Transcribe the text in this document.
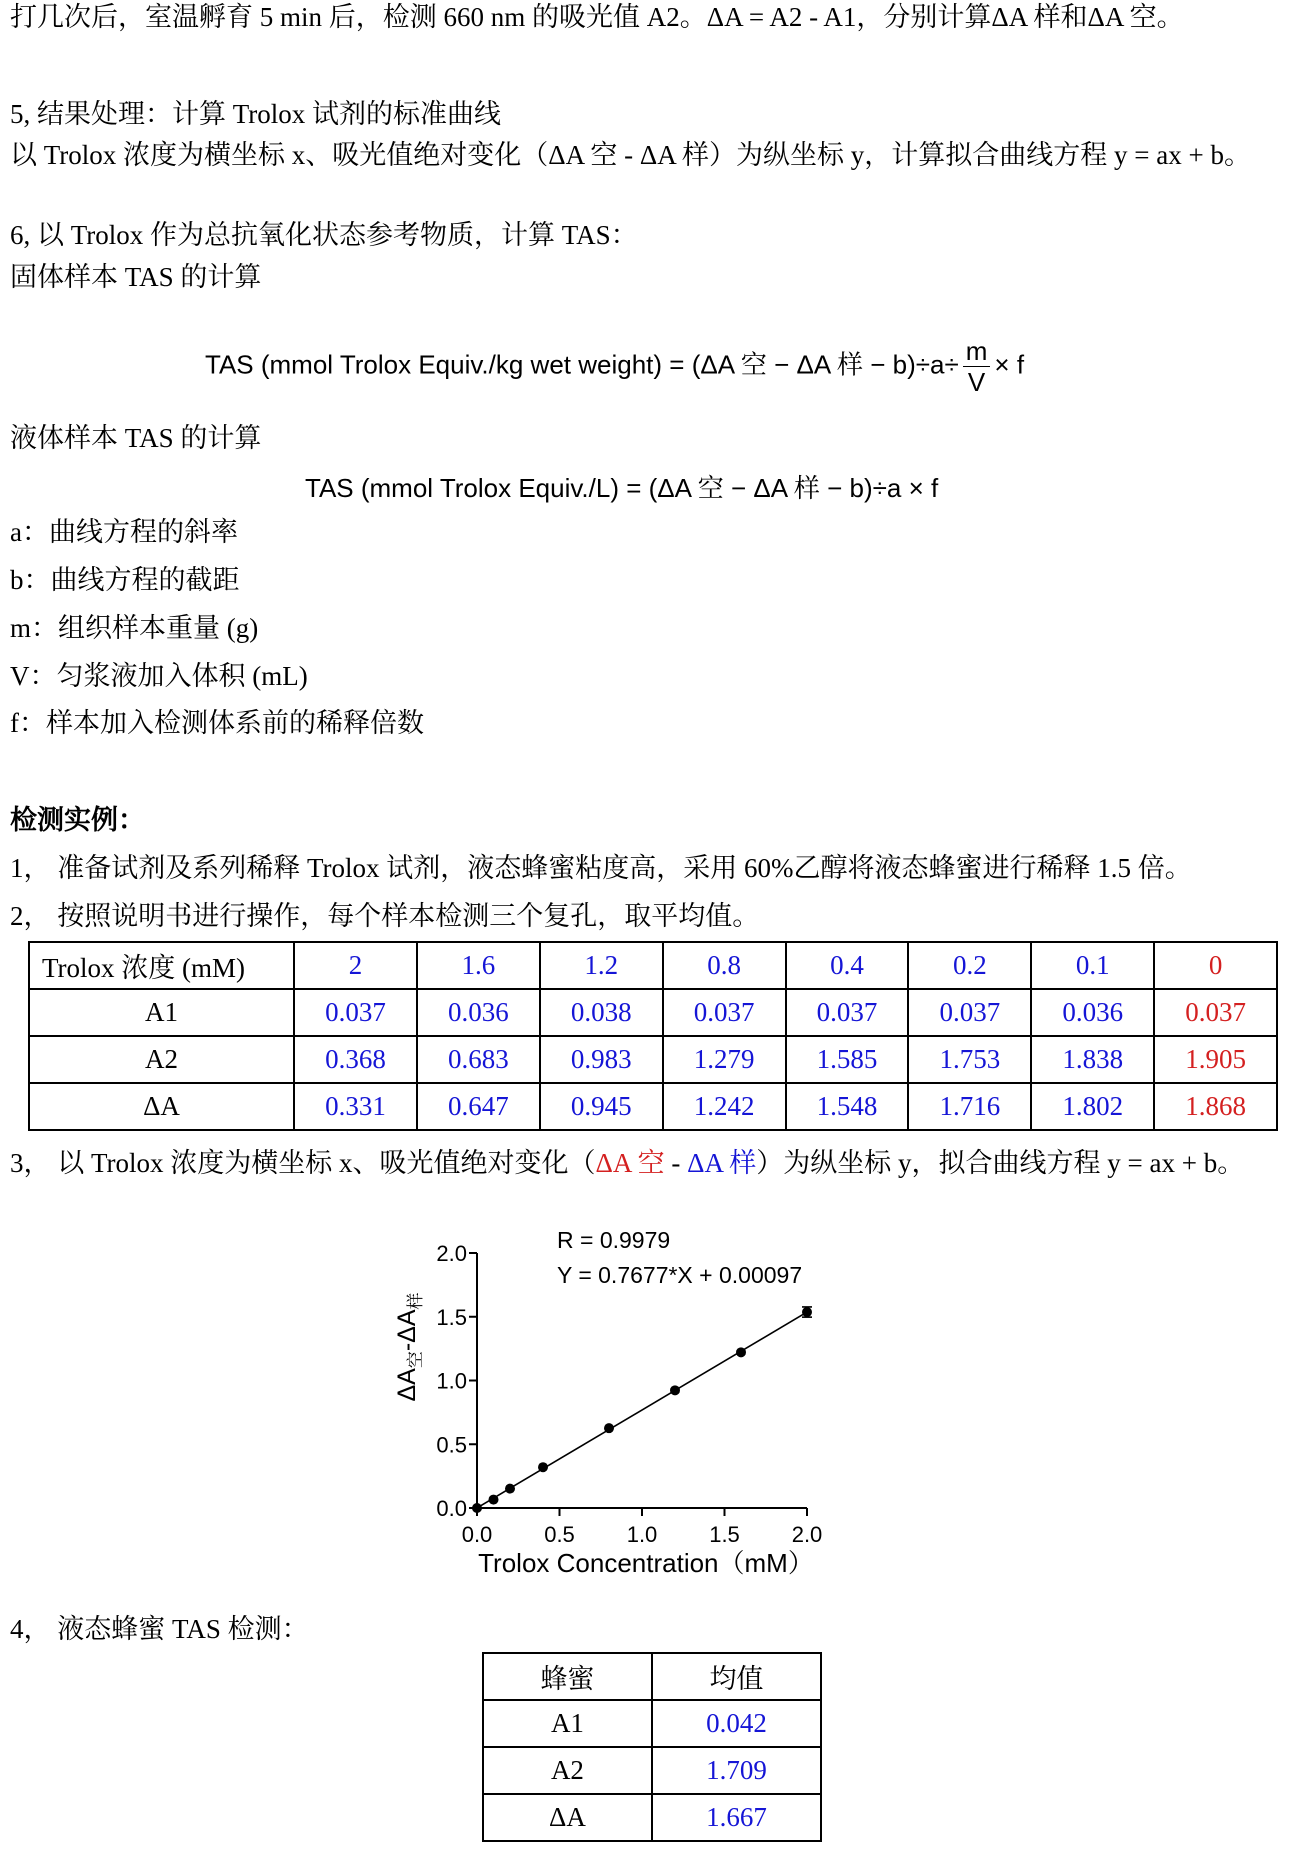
打几次后，室温孵育 5 min 后，检测 660 nm 的吸光值 A2。ΔA = A2 - A1，分别计算ΔA 样和ΔA 空。
5, 结果处理：计算 Trolox 试剂的标准曲线
以 Trolox 浓度为横坐标 x、吸光值绝对变化（ΔA 空 - ΔA 样）为纵坐标 y，计算拟合曲线方程 y = ax + b。
6, 以 Trolox 作为总抗氧化状态参考物质，计算 TAS：
固体样本 TAS 的计算
TAS (mmol Trolox Equiv./kg wet weight) = (ΔA 空 − ΔA 样 − $b)\div a\div \frac{m}{V} \times f$
液体样本 TAS 的计算
TAS (mmol Trolox Equiv./L) = (ΔA 空 − ΔA 样 − b)÷a × f
a：曲线方程的斜率
b：曲线方程的截距
m：组织样本重量 (g)
V：匀浆液加入体积 (mL)
f：样本加入检测体系前的稀释倍数
检测实例：
1， 准备试剂及系列稀释 Trolox 试剂，液态蜂蜜粘度高，采用 60%乙醇将液态蜂蜜进行稀释 1.5 倍。
2， 按照说明书进行操作，每个样本检测三个复孔，取平均值。
Trolox 浓度 (mM)	2	1.6	1.2	0.8	0.4	0.2	0.1	0
A1	0.037	0.036	0.038	0.037	0.037	0.037	0.036	0.037
A2	0.368	0.683	0.983	1.279	1.585	1.753	1.838	1.905
ΔA	0.331	0.647	0.945	1.242	1.548	1.716	1.802	1.868
3， 以 Trolox 浓度为横坐标 x、吸光值绝对变化（ΔA 空 - ΔA 样）为纵坐标 y，拟合曲线方程 y = ax + b。
$\Delta A_空-\Delta A_样$
R = 0.9979
Y = 0.7677*X + 0.00097
0.0
0.5
1.0
1.5
2.0
0.0 0.5 1.0 1.5 2.0
Trolox Concentration（mM）
4， 液态蜂蜜 TAS 检测：
蜂蜜	均值
A1	0.042
A2	1.709
ΔA	1.667
